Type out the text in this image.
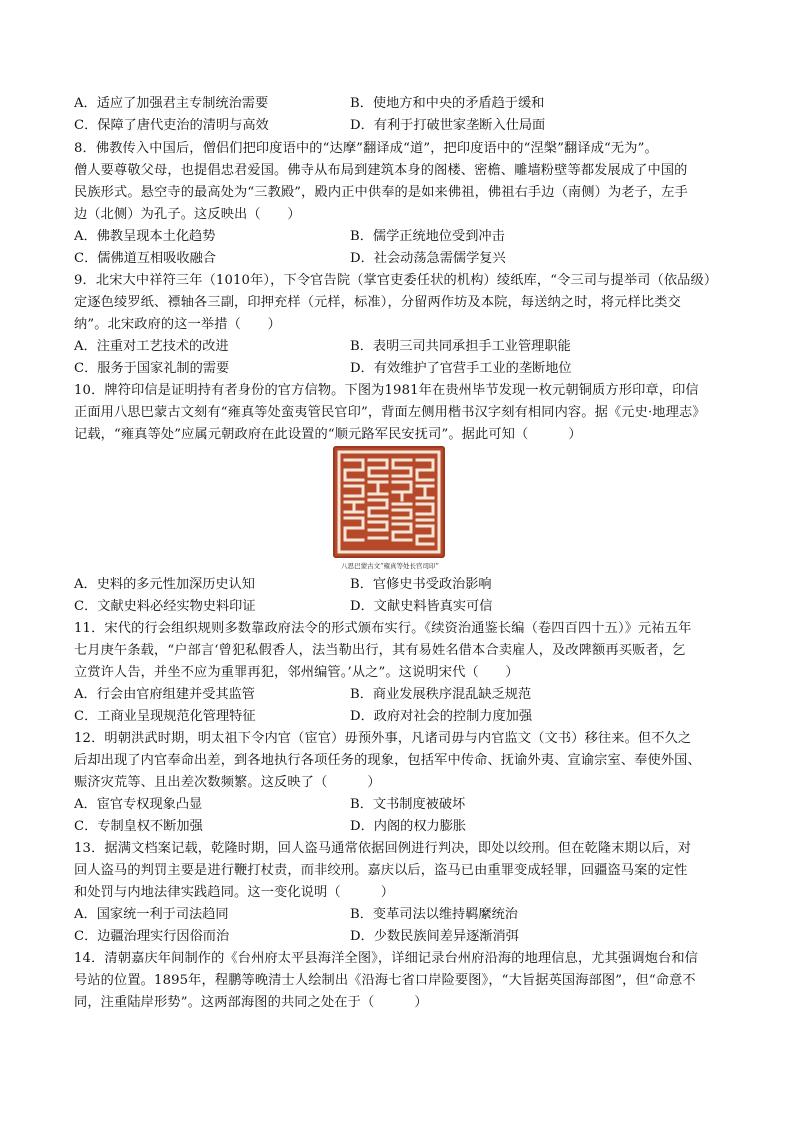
A．适应了加强君主专制统治需要	B．使地方和中央的矛盾趋于缓和
C．保障了唐代吏治的清明与高效	D．有利于打破世家垄断入仕局面
8．佛教传入中国后，僧侣们把印度语中的“达摩”翻译成“道”，把印度语中的“涅槃”翻译成“无为”。
僧人要尊敬父母，也提倡忠君爱国。佛寺从布局到建筑本身的阁楼、密檐、雕墙粉壁等都发展成了中国的
民族形式。悬空寺的最高处为“三教殿”，殿内正中供奉的是如来佛祖，佛祖右手边（南侧）为老子，左手
边（北侧）为孔子。这反映出（　　）
A．佛教呈现本土化趋势	B．儒学正统地位受到冲击
C．儒佛道互相吸收融合	D．社会动荡急需儒学复兴
9．北宋大中祥符三年（1010年），下令官告院（掌官吏委任状的机构）绫纸库，“令三司与提举司（依品级）
定逐色绫罗纸、褾轴各三副，印押充样（元样，标准），分留两作坊及本院，每送纳之时，将元样比类交
纳”。北宋政府的这一举措（　　）
A．注重对工艺技术的改进	B．表明三司共同承担手工业管理职能
C．服务于国家礼制的需要	D．有效维护了官营手工业的垄断地位
10．牌符印信是证明持有者身份的官方信物。下图为1981年在贵州毕节发现一枚元朝铜质方形印章，印信
正面用八思巴蒙古文刻有“雍真等处蛮夷管民官印”，背面左侧用楷书汉字刻有相同内容。据《元史·地理志》
记载，“雍真等处”应属元朝政府在此设置的“顺元路军民安抚司”。据此可知（　　　）
八思巴蒙古文“雍真等处长官司印”
A．史料的多元性加深历史认知	B．官修史书受政治影响
C．文献史料必经实物史料印证	D．文献史料皆真实可信
11．宋代的行会组织规则多数靠政府法令的形式颁布实行。《续资治通鉴长编（卷四百四十五）》元祐五年
七月庚午条载，“户部言‘曾犯私假香人，法当勒出行，其有易姓名借本合卖雇人，及改陴额再买贩者，乞
立赏许人告，并坐不应为重罪再犯，邻州编管。’从之”。这说明宋代（　　）
A．行会由官府组建并受其监管	B．商业发展秩序混乱缺乏规范
C．工商业呈现规范化管理特征	D．政府对社会的控制力度加强
12．明朝洪武时期，明太祖下令内官（宦官）毋预外事，凡诸司毋与内官监文（文书）移往来。但不久之
后却出现了内官奉命出差，到各地执行各项任务的现象，包括军中传命、抚谕外夷、宣谕宗室、奉使外国、
赈济灾荒等、且出差次数频繁。这反映了（　　　）
A．宦官专权现象凸显	B．文书制度被破坏
C．专制皇权不断加强	D．内阁的权力膨胀
13．据满文档案记载，乾隆时期，回人盗马通常依据回例进行判决，即处以绞刑。但在乾隆末期以后，对
回人盗马的判罚主要是进行鞭打杖责，而非绞刑。嘉庆以后，盗马已由重罪变成轻罪，回疆盗马案的定性
和处罚与内地法律实践趋同。这一变化说明（　　　）
A．国家统一利于司法趋同	B．变革司法以维持羁縻统治
C．边疆治理实行因俗而治	D．少数民族间差异逐渐消弭
14．清朝嘉庆年间制作的《台州府太平县海洋全图》，详细记录台州府沿海的地理信息，尤其强调炮台和信
号站的位置。1895年，程鹏等晚清士人绘制出《沿海七省口岸险要图》，“大旨据英国海部图”，但“命意不
同，注重陆岸形势”。这两部海图的共同之处在于（　　　）
